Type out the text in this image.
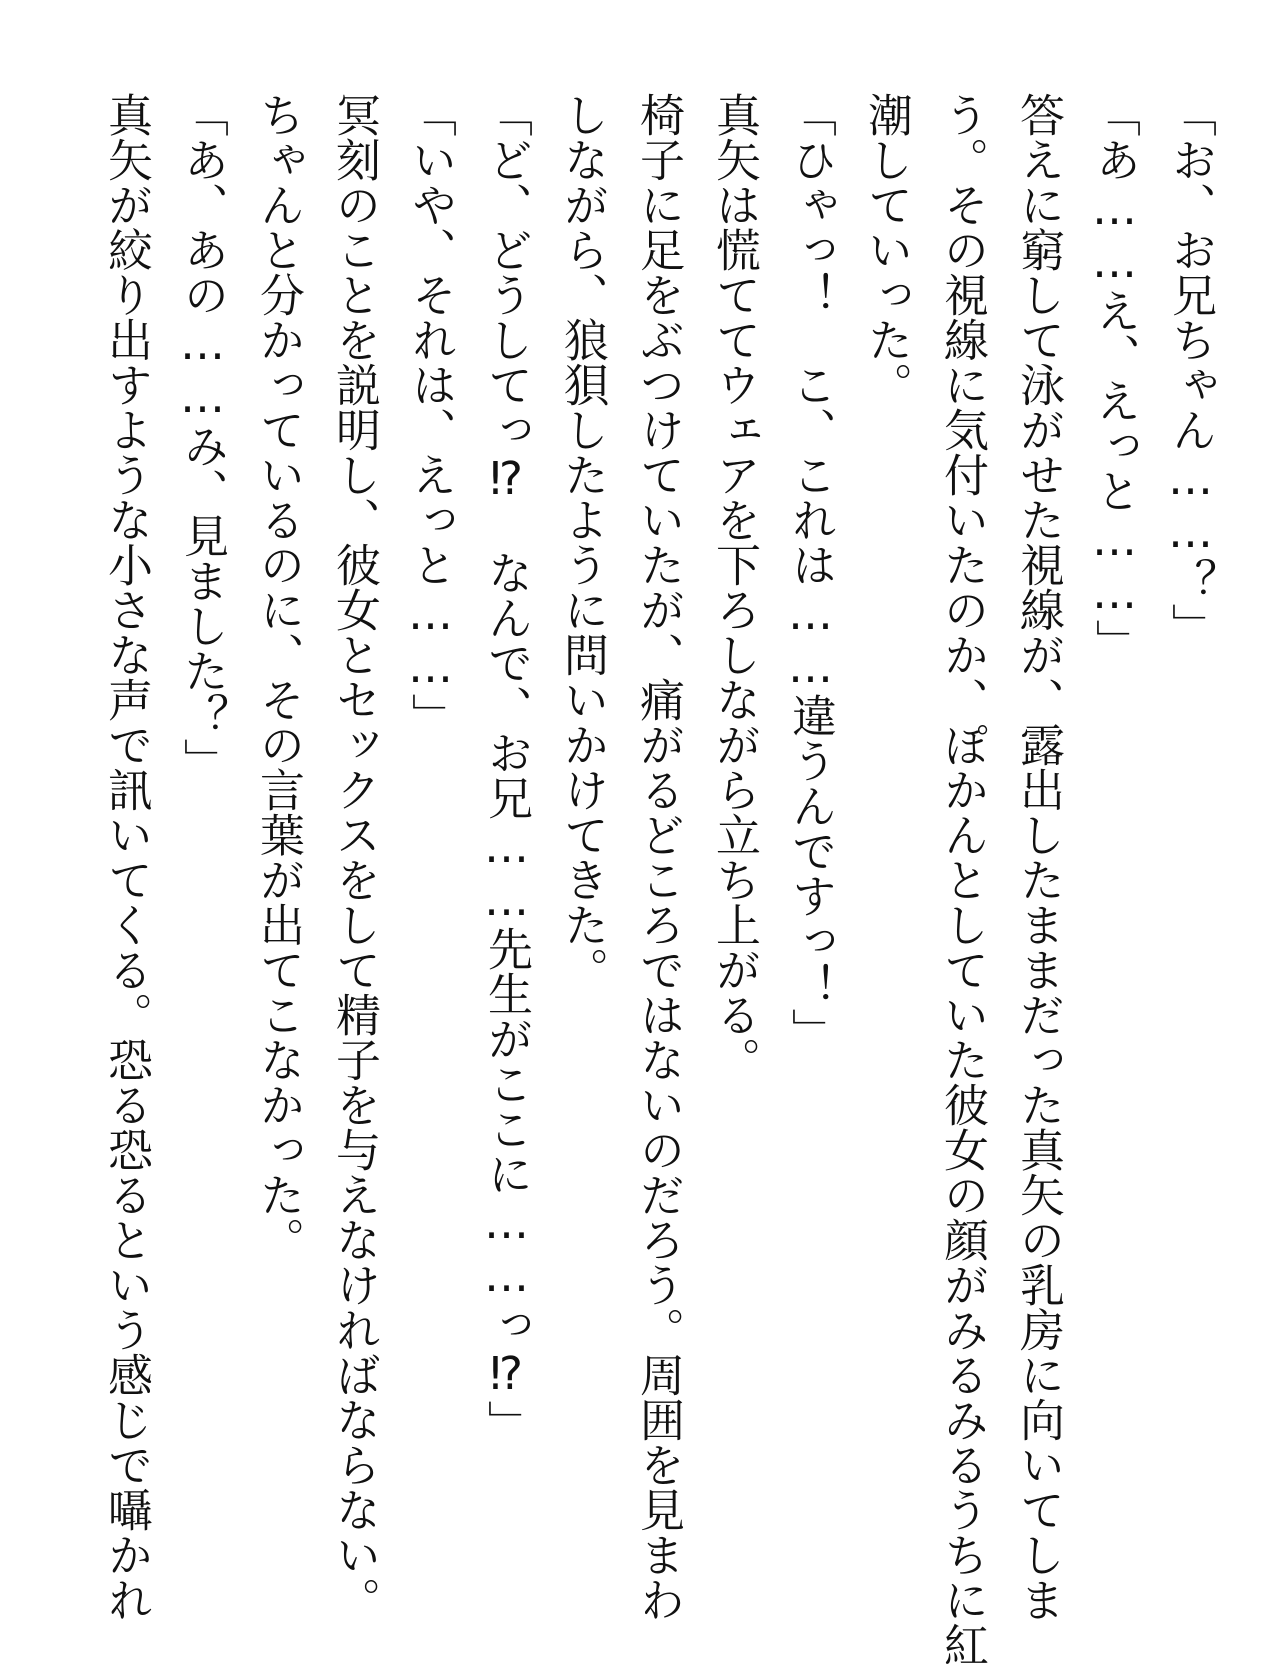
「お、お兄ちゃん……？」
「あ……え、えっと……」
答えに窮して泳がせた視線が、露出したままだった真矢の乳房に向いてしま
う。その視線に気付いたのか、ぽかんとしていた彼女の顔がみるみるうちに紅
潮していった。
「ひゃっ！　こ、これは……違うんですっ！」
真矢は慌ててウェアを下ろしながら立ち上がる。
椅子に足をぶつけていたが、痛がるどころではないのだろう。周囲を見まわ
しながら、狼狽したように問いかけてきた。
「ど、どうしてっ⁉　なんで、お兄……先生がここに……っ⁉」
「いや、それは、えっと……」
冥刻のことを説明し、彼女とセックスをして精子を与えなければならない。
ちゃんと分かっているのに、その言葉が出てこなかった。
「あ、あの……み、見ました？」
真矢が絞り出すような小さな声で訊いてくる。恐る恐るという感じで囁かれ
